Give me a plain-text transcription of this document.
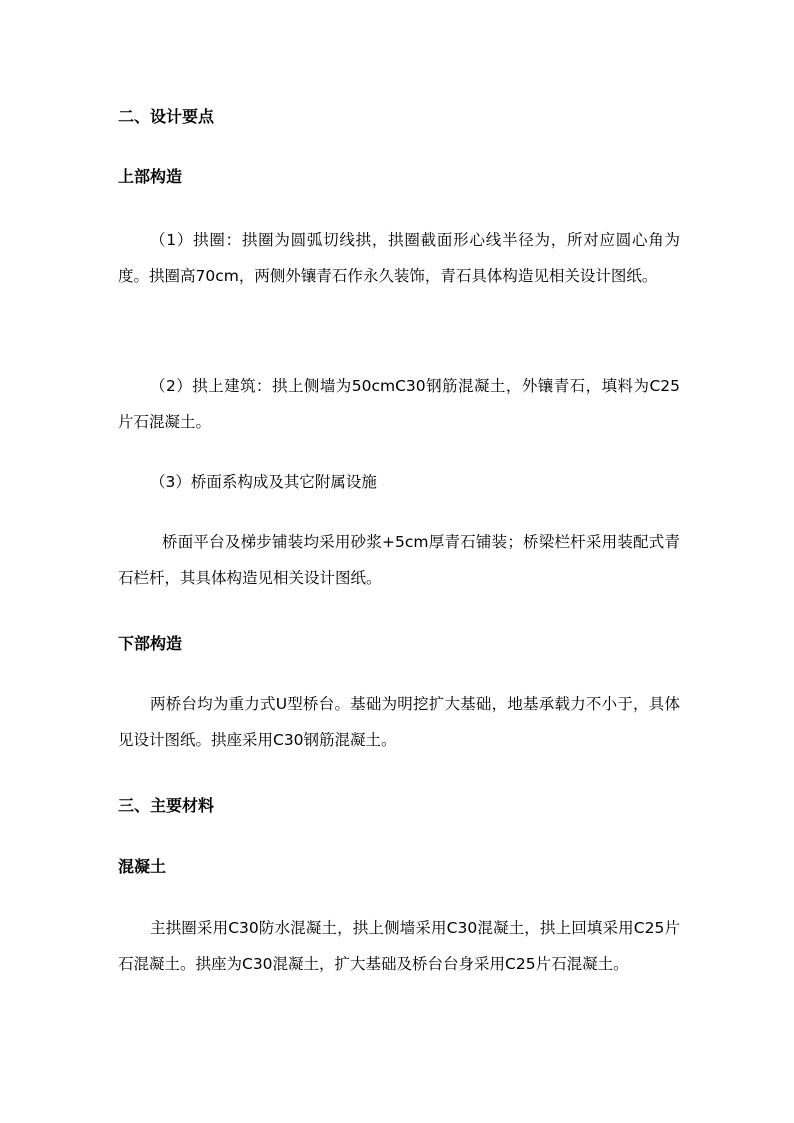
二、设计要点
上部构造
（1）拱圈：拱圈为圆弧切线拱，拱圈截面形心线半径为，所对应圆心角为度。拱圈高70cm，两侧外镶青石作永久装饰，青石具体构造见相关设计图纸。
（2）拱上建筑：拱上侧墙为50cmC30钢筋混凝土，外镶青石，填料为C25片石混凝土。
（3）桥面系构成及其它附属设施
桥面平台及梯步铺装均采用砂浆+5cm厚青石铺装；桥梁栏杆采用装配式青石栏杆，其具体构造见相关设计图纸。
下部构造
两桥台均为重力式U型桥台。基础为明挖扩大基础，地基承载力不小于，具体见设计图纸。拱座采用C30钢筋混凝土。
三、主要材料
混凝土
主拱圈采用C30防水混凝土，拱上侧墙采用C30混凝土，拱上回填采用C25片石混凝土。拱座为C30混凝土，扩大基础及桥台台身采用C25片石混凝土。
